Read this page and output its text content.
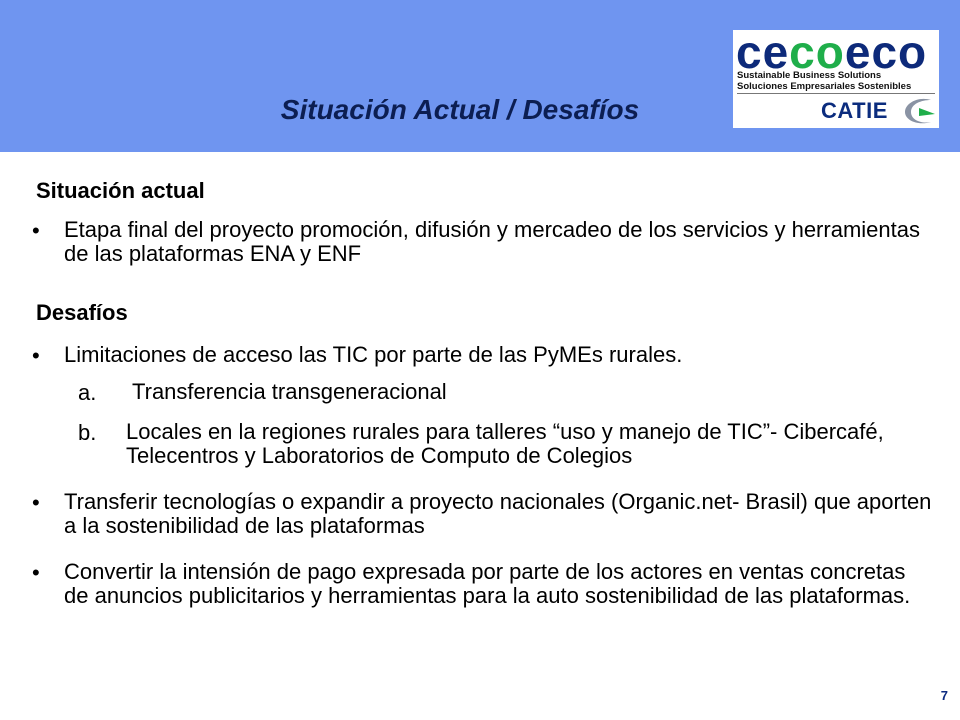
Situación Actual / Desafíos
cecoeco
Sustainable Business Solutions
Soluciones Empresariales Sostenibles
CATIE
Situación actual
• Etapa final del proyecto promoción, difusión y mercadeo de los servicios y herramientas de las plataformas ENA y ENF
Desafíos
• Limitaciones de acceso las TIC por parte de las PyMEs rurales.
a. Transferencia transgeneracional
b. Locales en la regiones rurales para talleres “uso y manejo de TIC”- Cibercafé, Telecentros y Laboratorios de Computo de Colegios
• Transferir tecnologías o expandir a proyecto nacionales (Organic.net- Brasil) que aporten a la sostenibilidad de las plataformas
• Convertir la intensión de pago expresada por parte de los actores en ventas concretas de anuncios publicitarios y herramientas para la auto sostenibilidad de las plataformas.
7
